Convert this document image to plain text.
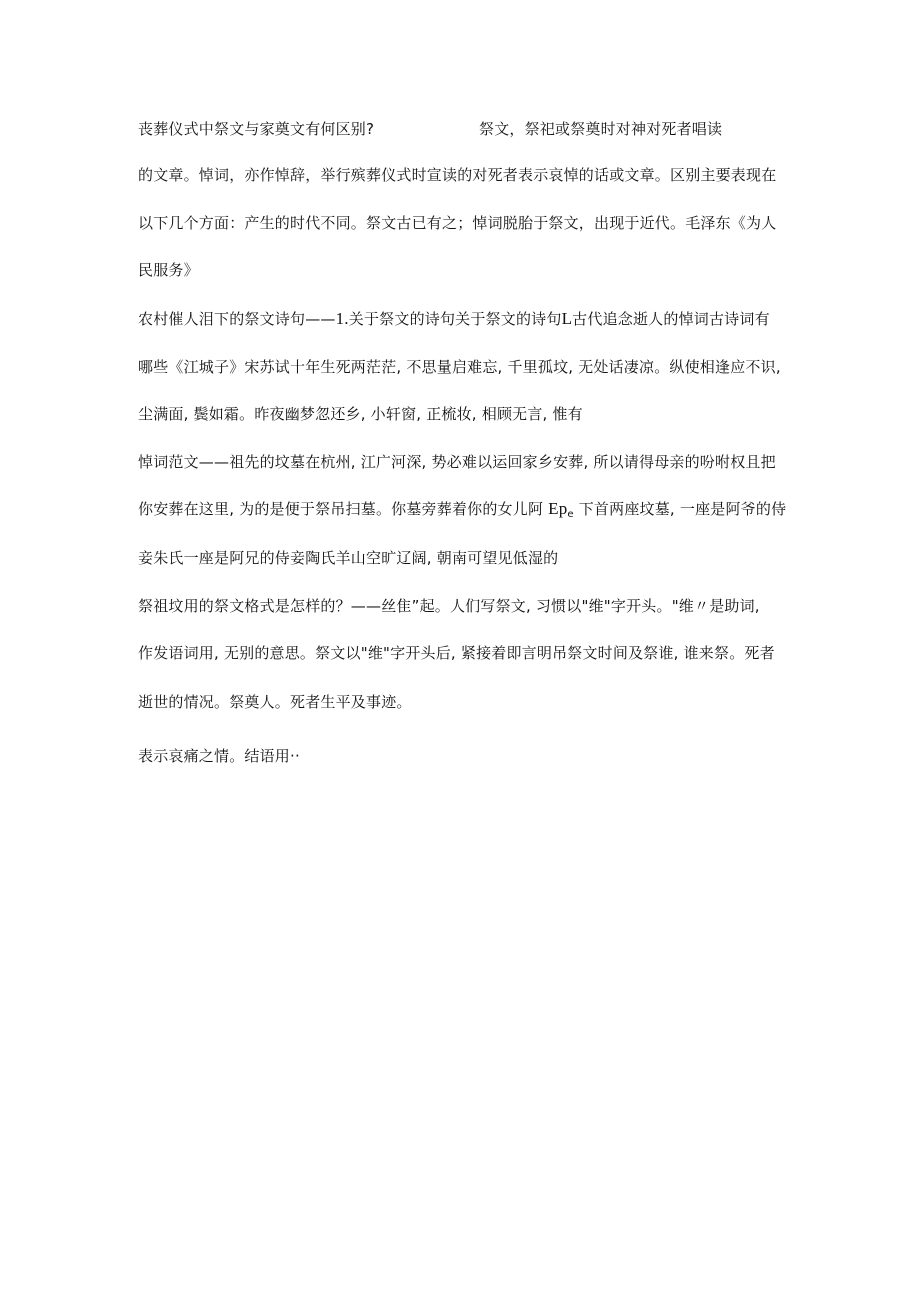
丧葬仪式中祭文与家奠文有何区别?	祭文，祭祀或祭奠时对神对死者唱读
的文章。悼词，亦作悼辞，举行殡葬仪式时宣读的对死者表示哀悼的话或文章。区别主要表现在
以下几个方面：产生的时代不同。祭文古已有之；悼词脱胎于祭文，出现于近代。毛泽东《为人
民服务》
农村催人泪下的祭文诗句——1.关于祭文的诗句关于祭文的诗句L古代追念逝人的悼词古诗词有
哪些《江城子》宋苏试十年生死两茫茫, 不思量启难忘, 千里孤坟, 无处话凄凉。纵使相逢应不识,
尘满面, 鬓如霜。昨夜幽梦忽还乡, 小轩窗, 正梳妆, 相顾无言, 惟有
悼词范文——祖先的坟墓在杭州, 江广河深, 势必难以运回家乡安葬, 所以请得母亲的吩咐权且把
你安葬在这里, 为的是便于祭吊扫墓。你墓旁葬着你的女儿阿 $Ep_e$ 下首两座坟墓, 一座是阿爷的侍
妾朱氏一座是阿兄的侍妾陶氏羊山空旷辽阔, 朝南可望见低湿的
祭祖坟用的祭文格式是怎样的？——丝隹”起。人们写祭文, 习惯以"维"字开头。"维〃是助词,
作发语词用, 无别的意思。祭文以"维"字开头后, 紧接着即言明吊祭文时间及祭谁, 谁来祭。死者
逝世的情况。祭奠人。死者生平及事迹。
表示哀痛之情。结语用··
